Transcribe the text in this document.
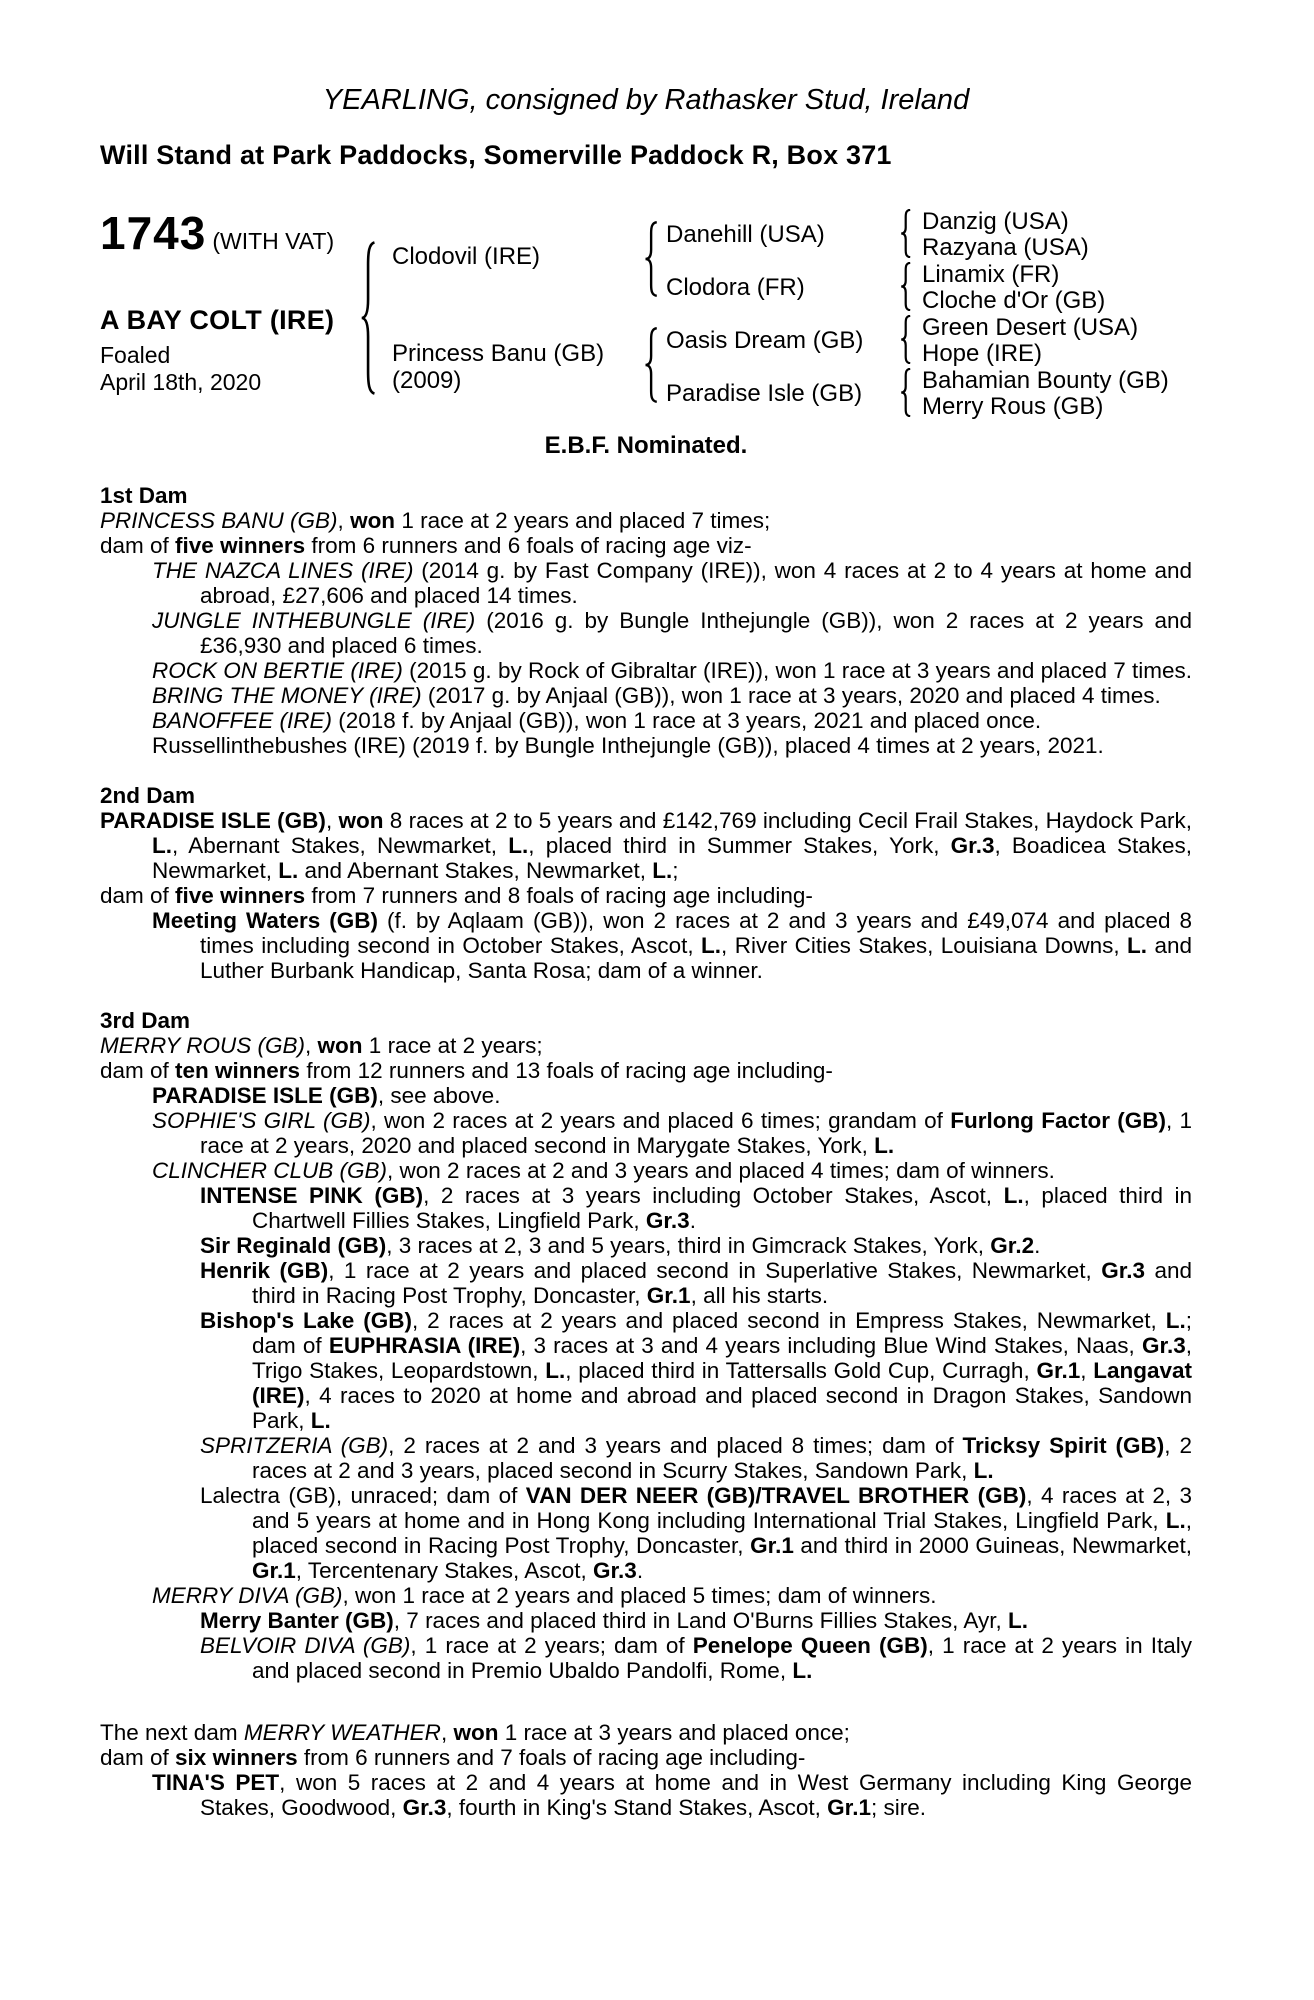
YEARLING, consigned by Rathasker Stud, Ireland
Will Stand at Park Paddocks, Somerville Paddock R, Box 371
1743 (WITH VAT)
A BAY COLT (IRE)
Foaled
April 18th, 2020
Clodovil (IRE)
Princess Banu (GB)
(2009)
Danehill (USA)
Clodora (FR)
Oasis Dream (GB)
Paradise Isle (GB)
Danzig (USA)
Razyana (USA)
Linamix (FR)
Cloche d'Or (GB)
Green Desert (USA)
Hope (IRE)
Bahamian Bounty (GB)
Merry Rous (GB)
E.B.F. Nominated.
1st Dam

PRINCESS BANU (GB), won 1 race at 2 years and placed 7 times;

dam of five winners from 6 runners and 6 foals of racing age viz-

THE NAZCA LINES (IRE) (2014 g. by Fast Company (IRE)), won 4 races at 2 to 4 years at home and abroad, £27,606 and placed 14 times.

JUNGLE INTHEBUNGLE (IRE) (2016 g. by Bungle Inthejungle (GB)), won 2 races at 2 years and £36,930 and placed 6 times.

ROCK ON BERTIE (IRE) (2015 g. by Rock of Gibraltar (IRE)), won 1 race at 3 years and placed 7 times.

BRING THE MONEY (IRE) (2017 g. by Anjaal (GB)), won 1 race at 3 years, 2020 and placed 4 times.

BANOFFEE (IRE) (2018 f. by Anjaal (GB)), won 1 race at 3 years, 2021 and placed once.

Russellinthebushes (IRE) (2019 f. by Bungle Inthejungle (GB)), placed 4 times at 2 years, 2021.

2nd Dam

PARADISE ISLE (GB), won 8 races at 2 to 5 years and £142,769 including Cecil Frail Stakes, Haydock Park, L., Abernant Stakes, Newmarket, L., placed third in Summer Stakes, York, Gr.3, Boadicea Stakes, Newmarket, L. and Abernant Stakes, Newmarket, L.;

dam of five winners from 7 runners and 8 foals of racing age including-

Meeting Waters (GB) (f. by Aqlaam (GB)), won 2 races at 2 and 3 years and £49,074 and placed 8 times including second in October Stakes, Ascot, L., River Cities Stakes, Louisiana Downs, L. and Luther Burbank Handicap, Santa Rosa; dam of a winner.

3rd Dam

MERRY ROUS (GB), won 1 race at 2 years;

dam of ten winners from 12 runners and 13 foals of racing age including-

PARADISE ISLE (GB), see above.

SOPHIE'S GIRL (GB), won 2 races at 2 years and placed 6 times; grandam of Furlong Factor (GB), 1 race at 2 years, 2020 and placed second in Marygate Stakes, York, L.

CLINCHER CLUB (GB), won 2 races at 2 and 3 years and placed 4 times; dam of winners.

INTENSE PINK (GB), 2 races at 3 years including October Stakes, Ascot, L., placed third in Chartwell Fillies Stakes, Lingfield Park, Gr.3.

Sir Reginald (GB), 3 races at 2, 3 and 5 years, third in Gimcrack Stakes, York, Gr.2.

Henrik (GB), 1 race at 2 years and placed second in Superlative Stakes, Newmarket, Gr.3 and third in Racing Post Trophy, Doncaster, Gr.1, all his starts.

Bishop's Lake (GB), 2 races at 2 years and placed second in Empress Stakes, Newmarket, L.; dam of EUPHRASIA (IRE), 3 races at 3 and 4 years including Blue Wind Stakes, Naas, Gr.3, Trigo Stakes, Leopardstown, L., placed third in Tattersalls Gold Cup, Curragh, Gr.1, Langavat (IRE), 4 races to 2020 at home and abroad and placed second in Dragon Stakes, Sandown Park, L.

SPRITZERIA (GB), 2 races at 2 and 3 years and placed 8 times; dam of Tricksy Spirit (GB), 2 races at 2 and 3 years, placed second in Scurry Stakes, Sandown Park, L.

Lalectra (GB), unraced; dam of VAN DER NEER (GB)/TRAVEL BROTHER (GB), 4 races at 2, 3 and 5 years at home and in Hong Kong including International Trial Stakes, Lingfield Park, L., placed second in Racing Post Trophy, Doncaster, Gr.1 and third in 2000 Guineas, Newmarket, Gr.1, Tercentenary Stakes, Ascot, Gr.3.

MERRY DIVA (GB), won 1 race at 2 years and placed 5 times; dam of winners.

Merry Banter (GB), 7 races and placed third in Land O'Burns Fillies Stakes, Ayr, L.

BELVOIR DIVA (GB), 1 race at 2 years; dam of Penelope Queen (GB), 1 race at 2 years in Italy and placed second in Premio Ubaldo Pandolfi, Rome, L.

The next dam MERRY WEATHER, won 1 race at 3 years and placed once;

dam of six winners from 6 runners and 7 foals of racing age including-

TINA'S PET, won 5 races at 2 and 4 years at home and in West Germany including King George Stakes, Goodwood, Gr.3, fourth in King's Stand Stakes, Ascot, Gr.1; sire.
